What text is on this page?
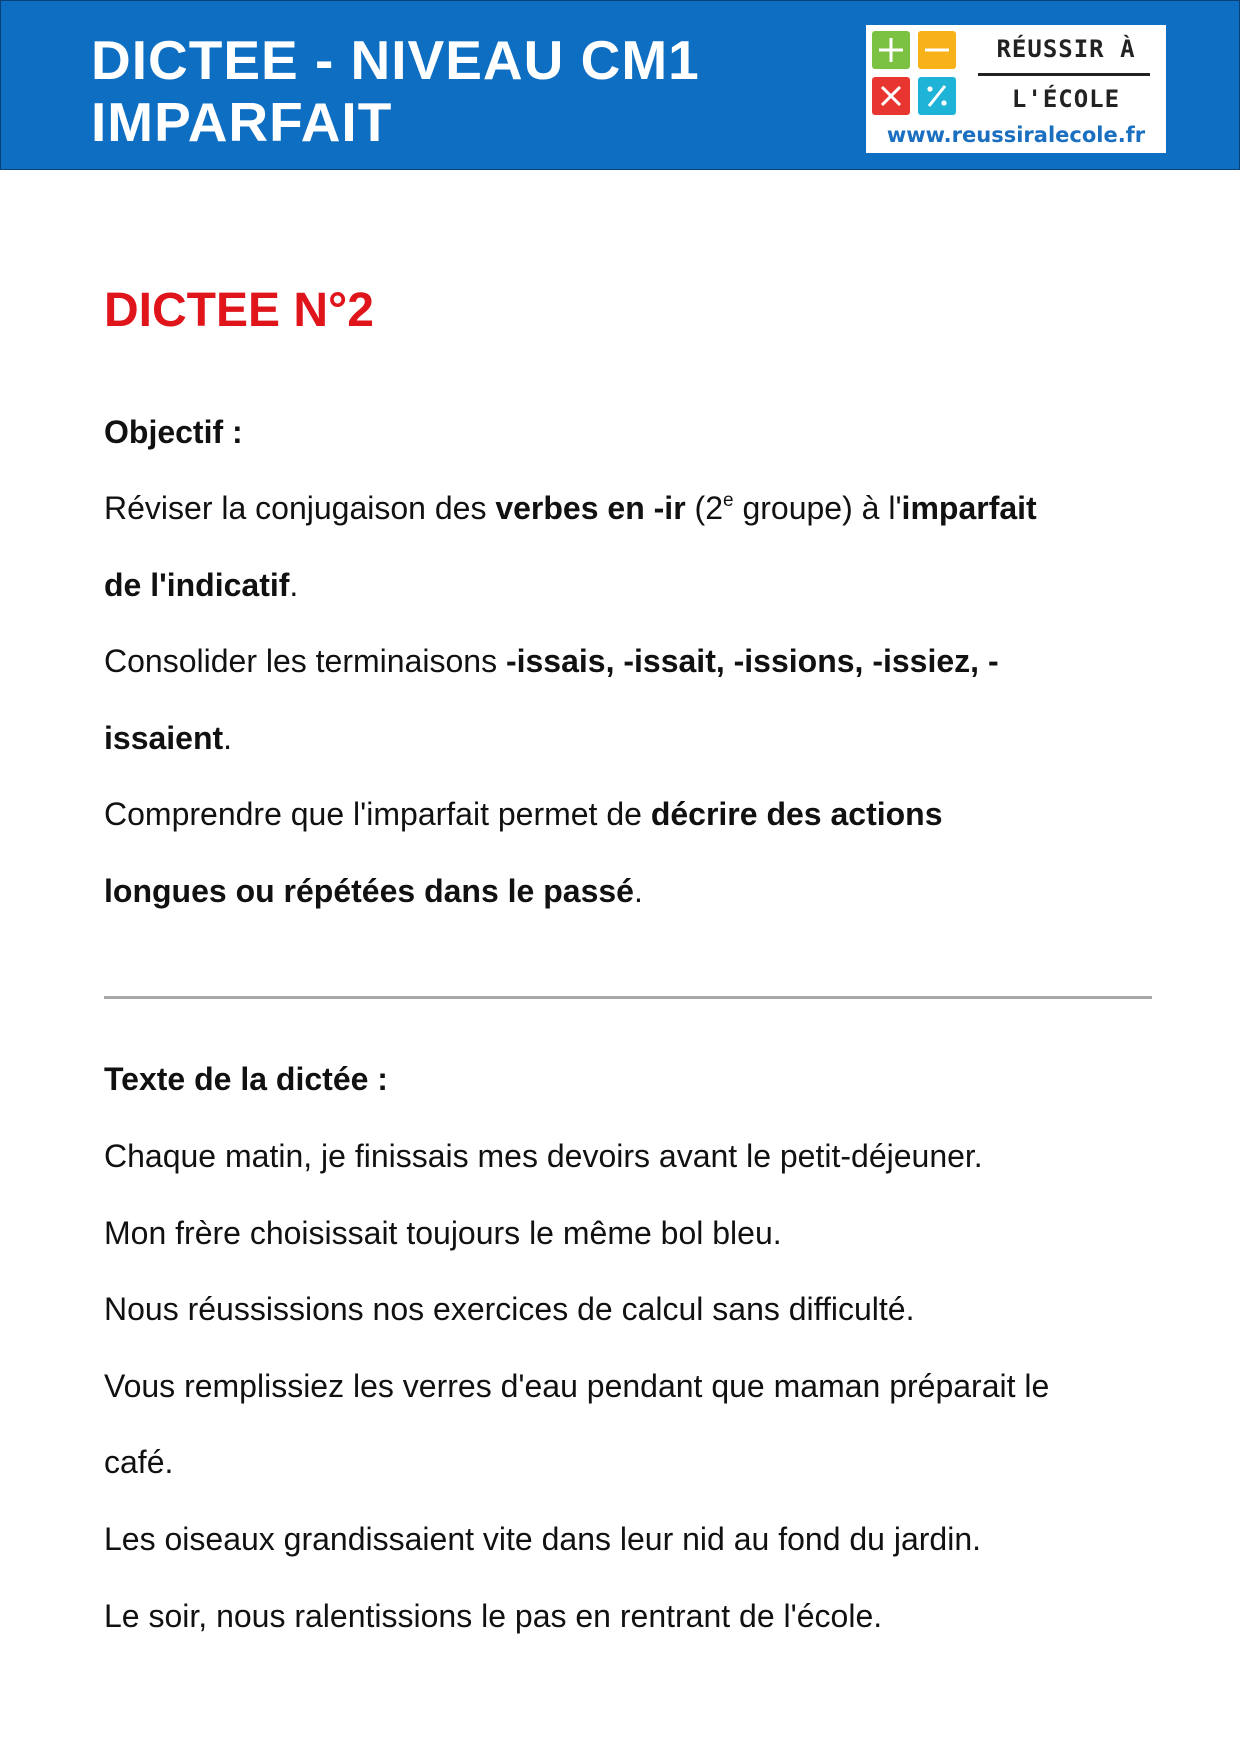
DICTEE - NIVEAU CM1
IMPARFAIT
RÉUSSIR À
L'ÉCOLE
www.reussiralecole.fr
DICTEE N°2
Objectif :
Réviser la conjugaison des verbes en -ir (2e groupe) à l'imparfait
de l'indicatif.
Consolider les terminaisons -issais, -issait, -issions, -issiez, -
issaient.
Comprendre que l'imparfait permet de décrire des actions
longues ou répétées dans le passé.
Texte de la dictée :
Chaque matin, je finissais mes devoirs avant le petit-déjeuner.
Mon frère choisissait toujours le même bol bleu.
Nous réussissions nos exercices de calcul sans difficulté.
Vous remplissiez les verres d'eau pendant que maman préparait le
café.
Les oiseaux grandissaient vite dans leur nid au fond du jardin.
Le soir, nous ralentissions le pas en rentrant de l'école.
